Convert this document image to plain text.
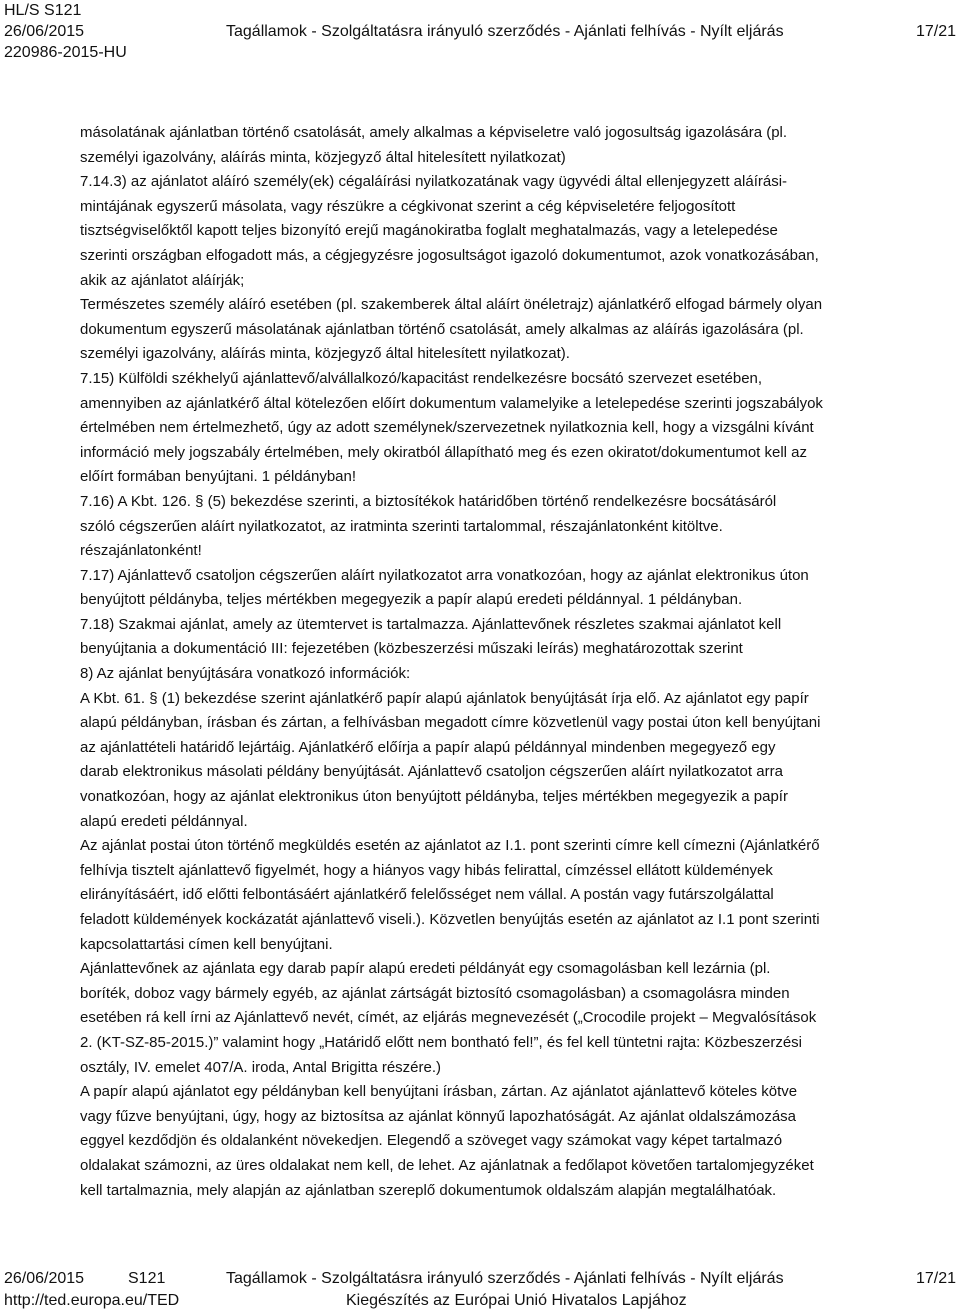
HL/S S121
26/06/2015	Tagállamok - Szolgáltatásra irányuló szerződés - Ajánlati felhívás - Nyílt eljárás	17/21
220986-2015-HU

másolatának ajánlatban történő csatolását, amely alkalmas a képviseletre való jogosultság igazolására (pl.

személyi igazolvány, aláírás minta, közjegyző által hitelesített nyilatkozat)

7.14.3) az ajánlatot aláíró személy(ek) cégaláírási nyilatkozatának vagy ügyvédi által ellenjegyzett aláírási-

mintájának egyszerű másolata, vagy részükre a cégkivonat szerint a cég képviseletére feljogosított

tisztségviselőktől kapott teljes bizonyító erejű magánokiratba foglalt meghatalmazás, vagy a letelepedése

szerinti országban elfogadott más, a cégjegyzésre jogosultságot igazoló dokumentumot, azok vonatkozásában,

akik az ajánlatot aláírják;

Természetes személy aláíró esetében (pl. szakemberek által aláírt önéletrajz) ajánlatkérő elfogad bármely olyan

dokumentum egyszerű másolatának ajánlatban történő csatolását, amely alkalmas az aláírás igazolására (pl.

személyi igazolvány, aláírás minta, közjegyző által hitelesített nyilatkozat).

7.15) Külföldi székhelyű ajánlattevő/alvállalkozó/kapacitást rendelkezésre bocsátó szervezet esetében,

amennyiben az ajánlatkérő által kötelezően előírt dokumentum valamelyike a letelepedése szerinti jogszabályok

értelmében nem értelmezhető, úgy az adott személynek/szervezetnek nyilatkoznia kell, hogy a vizsgálni kívánt

információ mely jogszabály értelmében, mely okiratból állapítható meg és ezen okiratot/dokumentumot kell az

előírt formában benyújtani. 1 példányban!

7.16) A Kbt. 126. § (5) bekezdése szerinti, a biztosítékok határidőben történő rendelkezésre bocsátásáról

szóló cégszerűen aláírt nyilatkozatot, az iratminta szerinti tartalommal, részajánlatonként kitöltve.

részajánlatonként!

7.17) Ajánlattevő csatoljon cégszerűen aláírt nyilatkozatot arra vonatkozóan, hogy az ajánlat elektronikus úton

benyújtott példányba, teljes mértékben megegyezik a papír alapú eredeti példánnyal. 1 példányban.

7.18) Szakmai ajánlat, amely az ütemtervet is tartalmazza. Ajánlattevőnek részletes szakmai ajánlatot kell

benyújtania a dokumentáció III: fejezetében (közbeszerzési műszaki leírás) meghatározottak szerint

8) Az ajánlat benyújtására vonatkozó információk:

A Kbt. 61. § (1) bekezdése szerint ajánlatkérő papír alapú ajánlatok benyújtását írja elő. Az ajánlatot egy papír

alapú példányban, írásban és zártan, a felhívásban megadott címre közvetlenül vagy postai úton kell benyújtani

az ajánlattételi határidő lejártáig. Ajánlatkérő előírja a papír alapú példánnyal mindenben megegyező egy

darab elektronikus másolati példány benyújtását. Ajánlattevő csatoljon cégszerűen aláírt nyilatkozatot arra

vonatkozóan, hogy az ajánlat elektronikus úton benyújtott példányba, teljes mértékben megegyezik a papír

alapú eredeti példánnyal.

Az ajánlat postai úton történő megküldés esetén az ajánlatot az I.1. pont szerinti címre kell címezni (Ajánlatkérő

felhívja tisztelt ajánlattevő figyelmét, hogy a hiányos vagy hibás felirattal, címzéssel ellátott küldemények

elirányításáért, idő előtti felbontásáért ajánlatkérő felelősséget nem vállal. A postán vagy futárszolgálattal

feladott küldemények kockázatát ajánlattevő viseli.). Közvetlen benyújtás esetén az ajánlatot az I.1 pont szerinti

kapcsolattartási címen kell benyújtani.

Ajánlattevőnek az ajánlata egy darab papír alapú eredeti példányát egy csomagolásban kell lezárnia (pl.

boríték, doboz vagy bármely egyéb, az ajánlat zártságát biztosító csomagolásban) a csomagolásra minden

esetében rá kell írni az Ajánlattevő nevét, címét, az eljárás megnevezését („Crocodile projekt – Megvalósítások

2. (KT-SZ-85-2015.)” valamint hogy „Határidő előtt nem bontható fel!”, és fel kell tüntetni rajta: Közbeszerzési

osztály, IV. emelet 407/A. iroda, Antal Brigitta részére.)

A papír alapú ajánlatot egy példányban kell benyújtani írásban, zártan. Az ajánlatot ajánlattevő köteles kötve

vagy fűzve benyújtani, úgy, hogy az biztosítsa az ajánlat könnyű lapozhatóságát. Az ajánlat oldalszámozása

eggyel kezdődjön és oldalanként növekedjen. Elegendő a szöveget vagy számokat vagy képet tartalmazó

oldalakat számozni, az üres oldalakat nem kell, de lehet. Az ajánlatnak a fedőlapot követően tartalomjegyzéket

kell tartalmaznia, mely alapján az ajánlatban szereplő dokumentumok oldalszám alapján megtalálhatóak.

26/06/2015	S121	Tagállamok - Szolgáltatásra irányuló szerződés - Ajánlati felhívás - Nyílt eljárás	17/21
http://ted.europa.eu/TED	Kiegészítés az Európai Unió Hivatalos Lapjához
